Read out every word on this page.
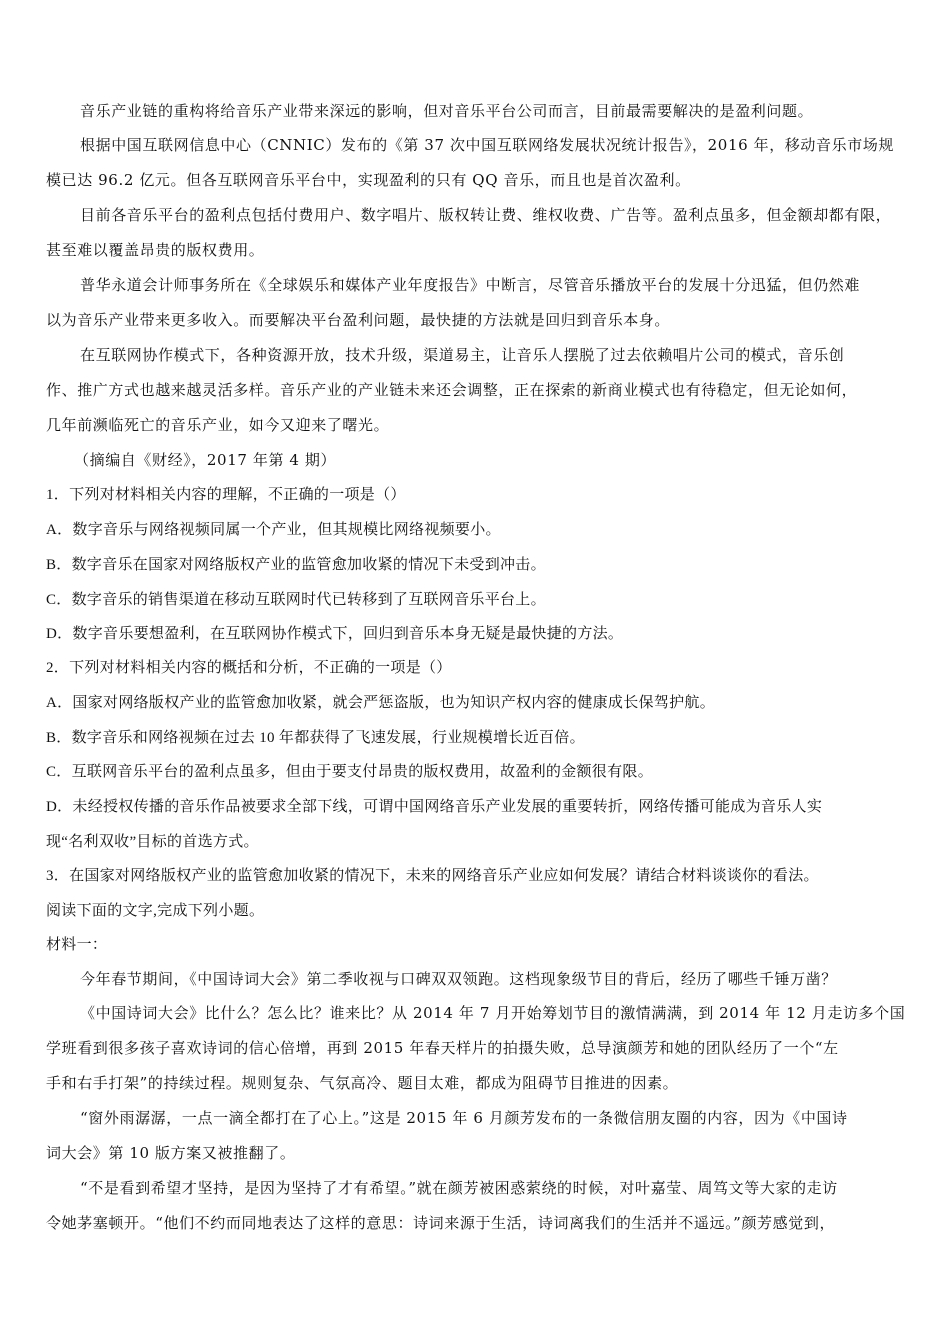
音乐产业链的重构将给音乐产业带来深远的影响，但对音乐平台公司而言，目前最需要解决的是盈利问题。
根据中国互联网信息中心（CNNIC）发布的《第 37 次中国互联网络发展状况统计报告》，2016 年，移动音乐市场规
模已达 96.2 亿元。但各互联网音乐平台中，实现盈利的只有 QQ 音乐，而且也是首次盈利。
目前各音乐平台的盈利点包括付费用户、数字唱片、版权转让费、维权收费、广告等。盈利点虽多，但金额却都有限，
甚至难以覆盖昂贵的版权费用。
普华永道会计师事务所在《全球娱乐和媒体产业年度报告》中断言，尽管音乐播放平台的发展十分迅猛，但仍然难
以为音乐产业带来更多收入。而要解决平台盈利问题，最快捷的方法就是回归到音乐本身。
在互联网协作模式下，各种资源开放，技术升级，渠道易主，让音乐人摆脱了过去依赖唱片公司的模式，音乐创
作、推广方式也越来越灵活多样。音乐产业的产业链未来还会调整，正在探索的新商业模式也有待稳定，但无论如何，
几年前濒临死亡的音乐产业，如今又迎来了曙光。
（摘编自《财经》，2017 年第 4 期）
1．下列对材料相关内容的理解，不正确的一项是（）
A．数字音乐与网络视频同属一个产业，但其规模比网络视频要小。
B．数字音乐在国家对网络版权产业的监管愈加收紧的情况下未受到冲击。
C．数字音乐的销售渠道在移动互联网时代已转移到了互联网音乐平台上。
D．数字音乐要想盈利，在互联网协作模式下，回归到音乐本身无疑是最快捷的方法。
2．下列对材料相关内容的概括和分析，不正确的一项是（）
A．国家对网络版权产业的监管愈加收紧，就会严惩盗版，也为知识产权内容的健康成长保驾护航。
B．数字音乐和网络视频在过去 10 年都获得了飞速发展，行业规模增长近百倍。
C．互联网音乐平台的盈利点虽多，但由于要支付昂贵的版权费用，故盈利的金额很有限。
D．未经授权传播的音乐作品被要求全部下线，可谓中国网络音乐产业发展的重要转折，网络传播可能成为音乐人实
现“名利双收”目标的首选方式。
3．在国家对网络版权产业的监管愈加收紧的情况下，未来的网络音乐产业应如何发展？请结合材料谈谈你的看法。
阅读下面的文字,完成下列小题。
材料一：
今年春节期间，《中国诗词大会》第二季收视与口碑双双领跑。这档现象级节目的背后，经历了哪些千锤万凿？
《中国诗词大会》比什么？怎么比？谁来比？从 2014 年 7 月开始筹划节目的激情满满，到 2014 年 12 月走访多个国
学班看到很多孩子喜欢诗词的信心倍增，再到 2015 年春天样片的拍摄失败，总导演颜芳和她的团队经历了一个“左
手和右手打架”的持续过程。规则复杂、气氛高冷、题目太难，都成为阻碍节目推进的因素。
“窗外雨潺潺，一点一滴全都打在了心上。”这是 2015 年 6 月颜芳发布的一条微信朋友圈的内容，因为《中国诗
词大会》第 10 版方案又被推翻了。
“不是看到希望才坚持，是因为坚持了才有希望。”就在颜芳被困惑萦绕的时候，对叶嘉莹、周笃文等大家的走访
令她茅塞顿开。“他们不约而同地表达了这样的意思：诗词来源于生活，诗词离我们的生活并不遥远。”颜芳感觉到，
